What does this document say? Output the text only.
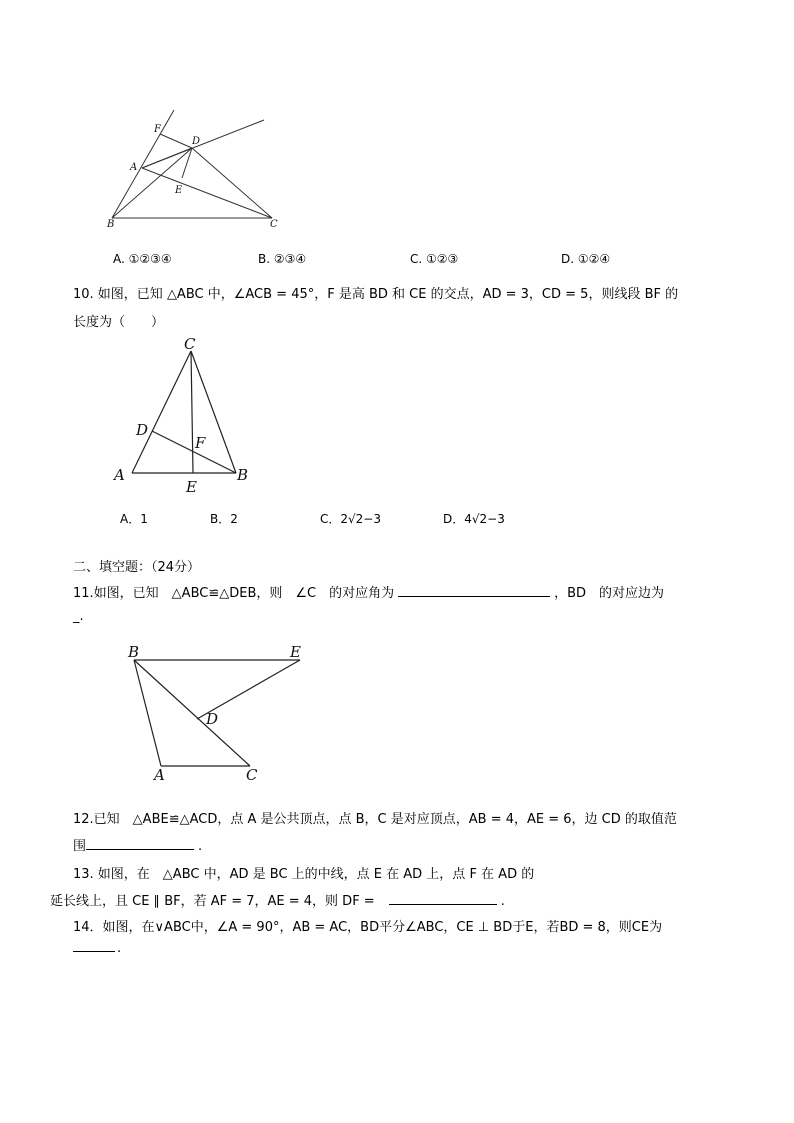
F
D
A
E
B	C
A. ①②③④	B. ②③④	C. ①②③	D. ①②④
10. 如图，已知 △ABC 中，∠ACB = 45°，F 是高 BD 和 CE 的交点，AD = 3，CD = 5，则线段 BF 的
长度为（　　）
C
D
F
A
E
B
A．1	B．2	C．2√2−3	D．4√2−3
二、填空题：（24分）
11.如图，已知　△ABC≌△DEB，则　∠C　的对应角为	，BD　的对应边为
_.
B	E
D
A	C
12.已知　△ABE≌△ACD，点 A 是公共顶点，点 B，C 是对应顶点，AB = 4，AE = 6，边 CD 的取值范
围	.
13. 如图，在　△ABC 中，AD 是 BC 上的中线，点 E 在 AD 上，点 F 在 AD 的
延长线上，且 CE ∥ BF，若 AF = 7，AE = 4，则 DF =	.
14．如图，在∨ABC中，∠A = 90°，AB = AC，BD平分∠ABC，CE ⊥ BD于E，若BD = 8，则CE为
.
